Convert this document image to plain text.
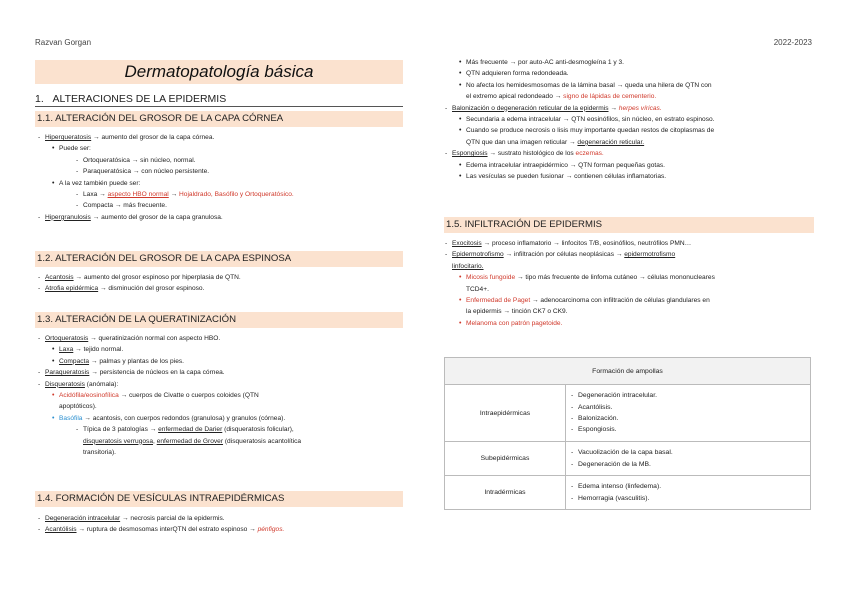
Razvan Gorgan	2022-2023
Dermatopatología básica
1. ALTERACIONES DE LA EPIDERMIS
1.1. ALTERACIÓN DEL GROSOR DE LA CAPA CÓRNEA
- Hiperqueratosis → aumento del grosor de la capa córnea.
• Puede ser:
- Ortoqueratósica → sin núcleo, normal.
- Paraqueratósica → con núcleo persistente.
• A la vez también puede ser:
- Laxa → aspecto HBO normal → Hojaldrado, Basófilo y Ortoqueratósico.
- Compacta → más frecuente.
- Hipergranulosis → aumento del grosor de la capa granulosa.
1.2. ALTERACIÓN DEL GROSOR DE LA CAPA ESPINOSA
- Acantosis → aumento del grosor espinoso por hiperplasia de QTN.
- Atrofia epidérmica → disminución del grosor espinoso.
1.3. ALTERACIÓN DE LA QUERATINIZACIÓN
- Ortoqueratosis → queratinización normal con aspecto HBO.
• Laxa → tejido normal.
• Compacta → palmas y plantas de los pies.
- Paraqueratosis → persistencia de núcleos en la capa córnea.
- Disqueratosis (anómala):
• Acidófila/eosinofílica → cuerpos de Civatte o cuerpos coloides (QTN
apoptóticos).
• Basófila → acantosis, con cuerpos redondos (granulosa) y granulos (córnea).
- Típica de 3 patologías → enfermedad de Darier (disqueratosis folicular),
disqueratosis verrugosa, enfermedad de Grover (disqueratosis acantolítica
transitoria).
1.4. FORMACIÓN DE VESÍCULAS INTRAEPIDÉRMICAS
- Degeneración intracelular → necrosis parcial de la epidermis.
- Acantólisis → ruptura de desmosomas interQTN del estrato espinoso → pénfigos.
• Más frecuente → por auto-AC anti-desmogleína 1 y 3.
• QTN adquieren forma redondeada.
• No afecta los hemidesmosomas de la lámina basal → queda una hilera de QTN con
el extremo apical redondeado → signo de lápidas de cementerio.
- Balonización o degeneración reticular de la epidermis → herpes víricas.
• Secundaria a edema intracelular → QTN eosinófilos, sin núcleo, en estrato espinoso.
• Cuando se produce necrosis o lisis muy importante quedan restos de citoplasmas de
QTN que dan una imagen reticular → degeneración reticular.
- Espongiosis → sustrato histológico de los eczemas.
• Edema intracelular intraepidérmico → QTN forman pequeñas gotas.
• Las vesículas se pueden fusionar → contienen células inflamatorias.
1.5. INFILTRACIÓN DE EPIDERMIS
- Exocitosis → proceso inflamatorio → linfocitos T/B, eosinófilos, neutrófilos PMN…
- Epidermotrofismo → infiltración por células neoplásicas → epidermotrofismo
linfocitario.
• Micosis fungoide → tipo más frecuente de linfoma cutáneo → células mononucleares
TCD4+.
• Enfermedad de Paget → adenocarcinoma con infiltración de células glandulares en
la epidermis → tinción CK7 o CK9.
• Melanoma con patrón pagetoide.
Formación de ampollas	
Intraepidérmicas	- Degeneración intracelular.
- Acantólisis.
- Balonización.
- Espongiosis.

Subepidérmicas	- Vacuolización de la capa basal.
- Degeneración de la MB.

Intradérmicas	- Edema intenso (linfedema).
- Hemorragia (vasculitis).
